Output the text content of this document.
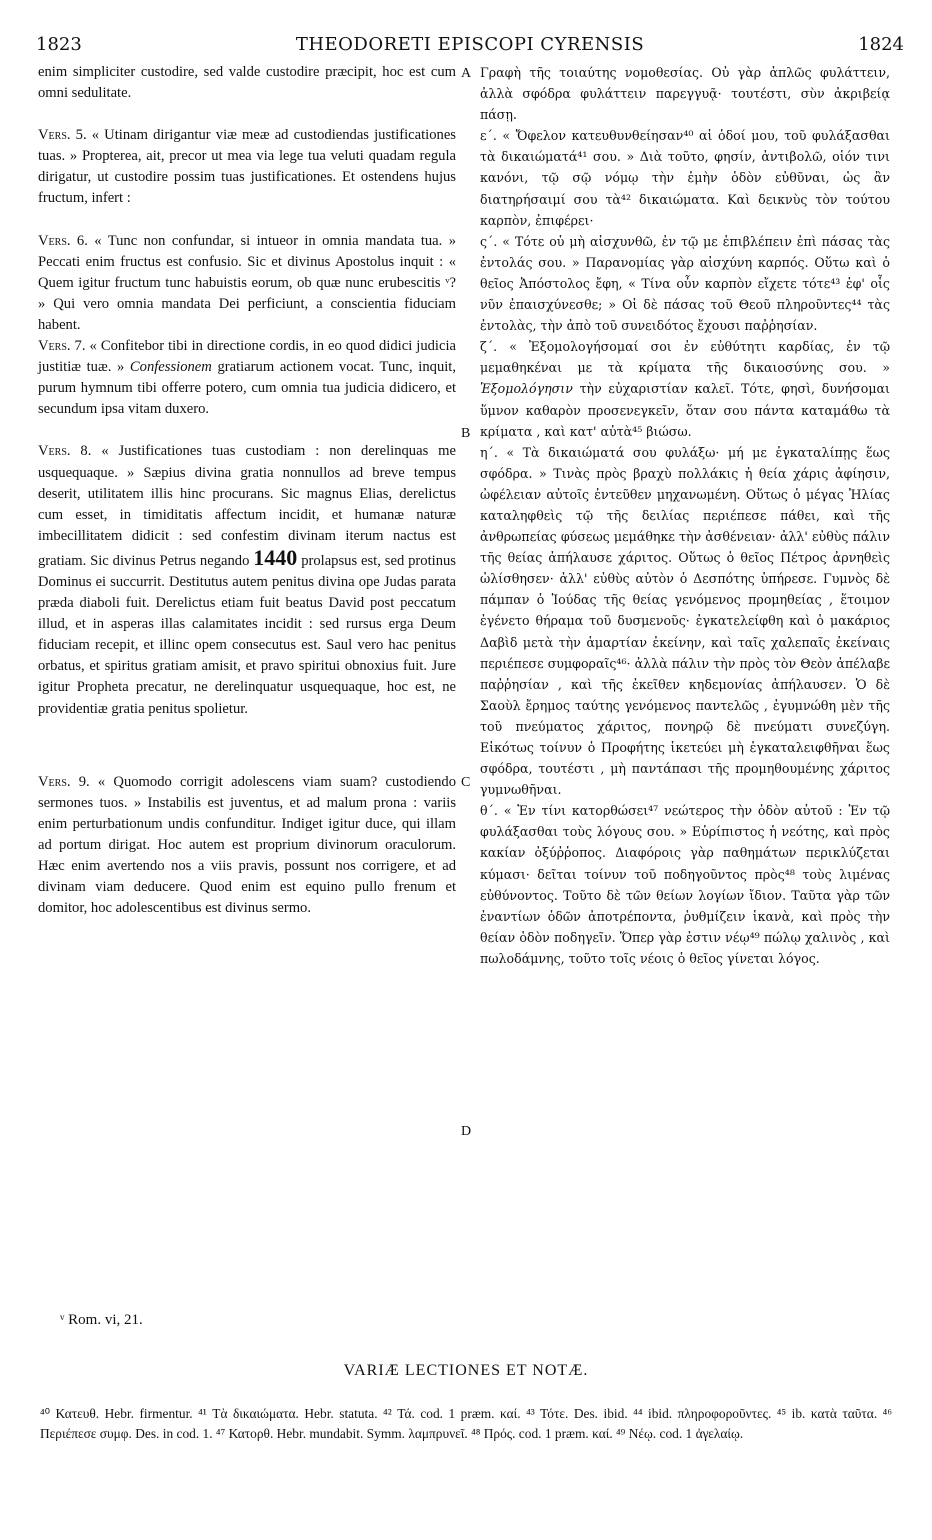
1823	THEODORETI EPISCOPI CYRENSIS	1824

enim simpliciter custodire, sed valde custodire præcipit, hoc est cum omni sedulitate.

Vers. 5. « Utinam dirigantur viæ meæ ad custodiendas justificationes tuas. » Propterea, ait, precor ut mea via lege tua veluti quadam regula dirigatur, ut custodire possim tuas justificationes. Et ostendens hujus fructum, infert :

Vers. 6. « Tunc non confundar, si intueor in omnia mandata tua. » Peccati enim fructus est confusio. Sic et divinus Apostolus inquit : « Quem igitur fructum tunc habuistis eorum, ob quæ nunc erubescitis ᵛ? » Qui vero omnia mandata Dei perficiunt, a conscientia fiduciam habent.

Vers. 7. « Confitebor tibi in directione cordis, in eo quod didici judicia justitiæ tuæ. » Confessionem gratiarum actionem vocat. Tunc, inquit, purum hymnum tibi offerre potero, cum omnia tua judicia didicero, et secundum ipsa vitam duxero.

Vers. 8. « Justificationes tuas custodiam : non derelinquas me usquequaque. » Sæpius divina gratia nonnullos ad breve tempus deserit, utilitatem illis hinc procurans. Sic magnus Elias, derelictus cum esset, in timiditatis affectum incidit, et humanæ naturæ imbecillitatem didicit : sed confestim divinam iterum nactus est gratiam. Sic divinus Petrus negando 1440 prolapsus est, sed protinus Dominus ei succurrit. Destitutus autem penitus divina ope Judas parata præda diaboli fuit. Derelictus etiam fuit beatus David post peccatum illud, et in asperas illas calamitates incidit : sed rursus erga Deum fiduciam recepit, et illinc opem consecutus est. Saul vero hac penitus orbatus, et spiritus gratiam amisit, et pravo spiritui obnoxius fuit. Jure igitur Propheta precatur, ne derelinquatur usquequaque, hoc est, ne providentiæ gratia penitus spolietur.

Vers. 9. « Quomodo corrigit adolescens viam suam? custodiendo sermones tuos. » Instabilis est juventus, et ad malum prona : variis enim perturbationum undis confunditur. Indiget igitur duce, qui illam ad portum dirigat. Hoc autem est proprium divinorum oraculorum. Hæc enim avertendo nos a viis pravis, possunt nos corrigere, et ad divinam viam deducere. Quod enim est equino pullo frenum et domitor, hoc adolescentibus est divinus sermo.

A
B
C
D

Γραφὴ τῆς τοιαύτης νομοθεσίας. Οὐ γὰρ ἁπλῶς φυλάττειν, ἀλλὰ σφόδρα φυλάττειν παρεγγυᾷ· τουτέστι, σὺν ἀκριβείᾳ πάσῃ.

ε΄. « Ὄφελον κατευθυνθείησαν⁴⁰ αἱ ὁδοί μου, τοῦ φυλάξασθαι τὰ δικαιώματά⁴¹ σου. » Διὰ τοῦτο, φησίν, ἀντιβολῶ, οἱόν τινι κανόνι, τῷ σῷ νόμῳ τὴν ἐμὴν ὁδὸν εὐθῦναι, ὡς ἂν διατηρήσαιμί σου τὰ⁴² δικαιώματα. Καὶ δεικνὺς τὸν τούτου καρπὸν, ἐπιφέρει·

ς΄. « Τότε οὐ μὴ αἰσχυνθῶ, ἐν τῷ με ἐπιβλέπειν ἐπὶ πάσας τὰς ἐντολάς σου. » Παρανομίας γὰρ αἰσχύνη καρπός. Οὕτω καὶ ὁ θεῖος Ἀπόστολος ἔφη, « Τίνα οὖν καρπὸν εἴχετε τότε⁴³ ἐφ' οἷς νῦν ἐπαισχύνεσθε; » Οἱ δὲ πάσας τοῦ Θεοῦ πληροῦντες⁴⁴ τὰς ἐντολὰς, τὴν ἀπὸ τοῦ συνειδότος ἔχουσι παῤῥησίαν.

ζ΄. « Ἐξομολογήσομαί σοι ἐν εὐθύτητι καρδίας, ἐν τῷ μεμαθηκέναι με τὰ κρίματα τῆς δικαιοσύνης σου. » Ἐξομολόγησιν τὴν εὐχαριστίαν καλεῖ. Τότε, φησὶ, δυνήσομαι ὕμνον καθαρὸν προσενεγκεῖν, ὅταν σου πάντα καταμάθω τὰ κρίματα , καὶ κατ' αὐτὰ⁴⁵ βιώσω.

η΄. « Τὰ δικαιώματά σου φυλάξω· μή με ἐγκαταλίπῃς ἕως σφόδρα. » Τινὰς πρὸς βραχὺ πολλάκις ἡ θεία χάρις ἀφίησιν, ὠφέλειαν αὐτοῖς ἐντεῦθεν μηχανωμένη. Οὕτως ὁ μέγας Ἠλίας καταληφθεὶς τῷ τῆς δειλίας περιέπεσε πάθει, καὶ τῆς ἀνθρωπείας φύσεως μεμάθηκε τὴν ἀσθένειαν· ἀλλ' εὐθὺς πάλιν τῆς θείας ἀπήλαυσε χάριτος. Οὕτως ὁ θεῖος Πέτρος ἀρνηθεὶς ὠλίσθησεν· ἀλλ' εὐθὺς αὐτὸν ὁ Δεσπότης ὑπήρεσε. Γυμνὸς δὲ πάμπαν ὁ Ἰούδας τῆς θείας γενόμενος προμηθείας , ἕτοιμον ἐγένετο θήραμα τοῦ δυσμενοῦς· ἐγκατελείφθη καὶ ὁ μακάριος Δαβὶδ μετὰ τὴν ἁμαρτίαν ἐκείνην, καὶ ταῖς χαλεπαῖς ἐκείναις περιέπεσε συμφοραῖς⁴⁶· ἀλλὰ πάλιν τὴν πρὸς τὸν Θεὸν ἀπέλαβε παῤῥησίαν , καὶ τῆς ἐκεῖθεν κηδεμονίας ἀπήλαυσεν. Ὁ δὲ Σαοὺλ ἔρημος ταύτης γενόμενος παντελῶς , ἐγυμνώθη μὲν τῆς τοῦ πνεύματος χάριτος, πονηρῷ δὲ πνεύματι συνεζύγη. Εἰκότως τοίνυν ὁ Προφήτης ἱκετεύει μὴ ἐγκαταλειφθῆναι ἕως σφόδρα, τουτέστι , μὴ παντάπασι τῆς προμηθουμένης χάριτος γυμνωθῆναι.

θ΄. « Ἐν τίνι κατορθώσει⁴⁷ νεώτερος τὴν ὁδὸν αὐτοῦ : Ἐν τῷ φυλάξασθαι τοὺς λόγους σου. » Εὐρίπιστος ἡ νεότης, καὶ πρὸς κακίαν ὀξύῤῥοπος. Διαφόροις γὰρ παθημάτων περικλύζεται κύμασι· δεῖται τοίνυν τοῦ ποδηγοῦντος πρὸς⁴⁸ τοὺς λιμένας εὐθύνοντος. Τοῦτο δὲ τῶν θείων λογίων ἴδιον. Ταῦτα γὰρ τῶν ἐναντίων ὁδῶν ἀποτρέποντα, ῥυθμίζειν ἱκανὰ, καὶ πρὸς τὴν θείαν ὁδὸν ποδηγεῖν. Ὅπερ γὰρ ἐστιν νέῳ⁴⁹ πώλῳ χαλινὸς , καὶ πωλοδάμνης, τοῦτο τοῖς νέοις ὁ θεῖος γίνεται λόγος.

ᵛ Rom. vi, 21.
VARIÆ LECTIONES ET NOTÆ.

⁴⁰ Κατευθ. Hebr. firmentur. ⁴¹ Τὰ δικαιώματα. Hebr. statuta. ⁴² Τά. cod. 1 præm. καί. ⁴³ Τότε. Des. ibid. ⁴⁴ ibid. πληροφοροῦντες. ⁴⁵ ib. κατὰ ταῦτα. ⁴⁶ Περιέπεσε συμφ. Des. in cod. 1. ⁴⁷ Κατορθ. Hebr. mundabit. Symm. λαμπρυνεῖ. ⁴⁸ Πρός. cod. 1 præm. καί. ⁴⁹ Νέῳ. cod. 1 ἀγελαίῳ.
